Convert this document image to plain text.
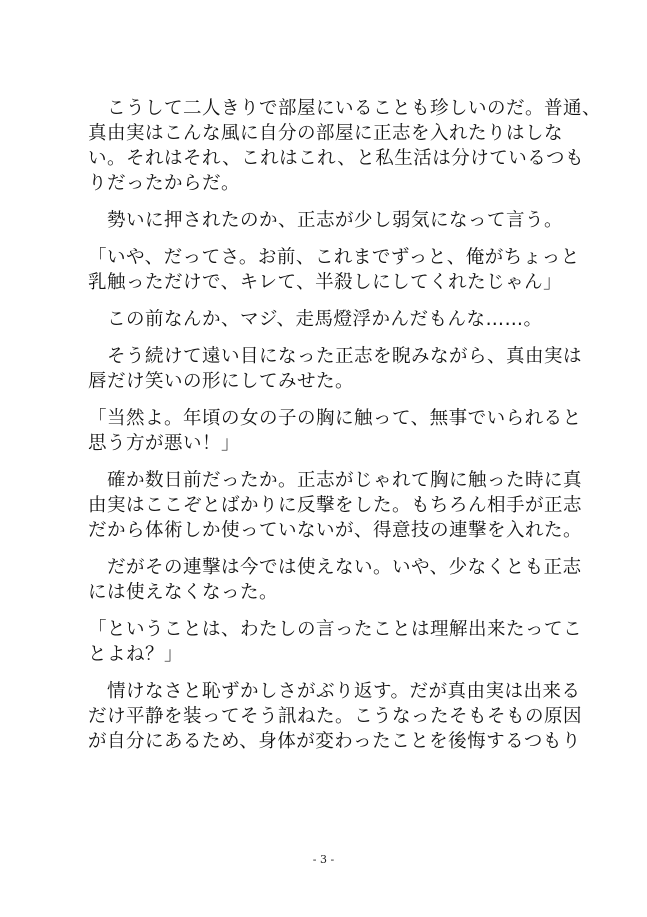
　こうして二人きりで部屋にいることも珍しいのだ。普通、
真由実はこんな風に自分の部屋に正志を入れたりはしな
い。それはそれ、これはこれ、と私生活は分けているつも
りだったからだ。
　勢いに押されたのか、正志が少し弱気になって言う。
「いや、だってさ。お前、これまでずっと、俺がちょっと
乳触っただけで、キレて、半殺しにしてくれたじゃん」
　この前なんか、マジ、走馬燈浮かんだもんな……。
　そう続けて遠い目になった正志を睨みながら、真由実は
唇だけ笑いの形にしてみせた。
「当然よ。年頃の女の子の胸に触って、無事でいられると
思う方が悪い！」
　確か数日前だったか。正志がじゃれて胸に触った時に真
由実はここぞとばかりに反撃をした。もちろん相手が正志
だから体術しか使っていないが、得意技の連撃を入れた。
　だがその連撃は今では使えない。いや、少なくとも正志
には使えなくなった。
「ということは、わたしの言ったことは理解出来たってこ
とよね？」
　情けなさと恥ずかしさがぶり返す。だが真由実は出来る
だけ平静を装ってそう訊ねた。こうなったそもそもの原因
が自分にあるため、身体が変わったことを後悔するつもり
- 3 -
